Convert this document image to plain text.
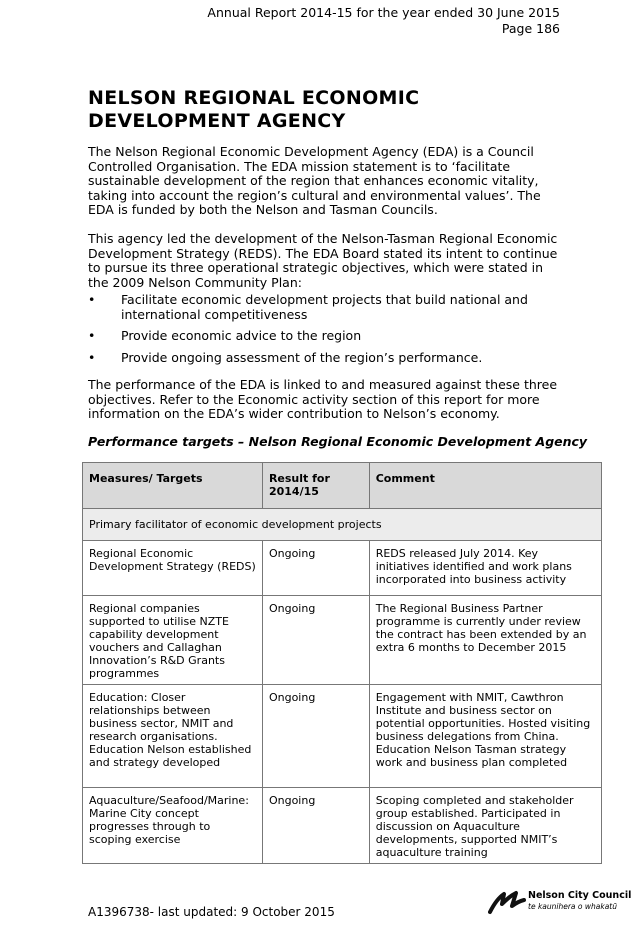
Annual Report 2014-15 for the year ended 30 June 2015
Page 186
NELSON REGIONAL ECONOMIC DEVELOPMENT AGENCY

The Nelson Regional Economic Development Agency (EDA) is a Council Controlled Organisation. The EDA mission statement is to ‘facilitate sustainable development of the region that enhances economic vitality, taking into account the region’s cultural and environmental values’. The EDA is funded by both the Nelson and Tasman Councils.

This agency led the development of the Nelson-Tasman Regional Economic Development Strategy (REDS). The EDA Board stated its intent to continue to pursue its three operational strategic objectives, which were stated in the 2009 Nelson Community Plan:

• Facilitate economic development projects that build national and international competitiveness
• Provide economic advice to the region
• Provide ongoing assessment of the region’s performance.

The performance of the EDA is linked to and measured against these three objectives. Refer to the Economic activity section of this report for more information on the EDA’s wider contribution to Nelson’s economy.

Performance targets – Nelson Regional Economic Development Agency

Measures/ Targets	Result for 2014/15	Comment
Primary facilitator of economic development projects		
Regional Economic Development Strategy (REDS)	Ongoing	REDS released July 2014. Key initiatives identified and work plans incorporated into business activity
Regional companies supported to utilise NZTE capability development vouchers and Callaghan Innovation’s R&D Grants programmes	Ongoing	The Regional Business Partner programme is currently under review the contract has been extended by an extra 6 months to December 2015
Education: Closer relationships between business sector, NMIT and research organisations. Education Nelson established and strategy developed	Ongoing	Engagement with NMIT, Cawthron Institute and business sector on potential opportunities. Hosted visiting business delegations from China. Education Nelson Tasman strategy work and business plan completed
Aquaculture/Seafood/Marine: Marine City concept progresses through to scoping exercise	Ongoing	Scoping completed and stakeholder group established. Participated in discussion on Aquaculture developments, supported NMIT’s aquaculture training
A1396738- last updated: 9 October 2015
Nelson City Council
te kaunihera o whakatū
